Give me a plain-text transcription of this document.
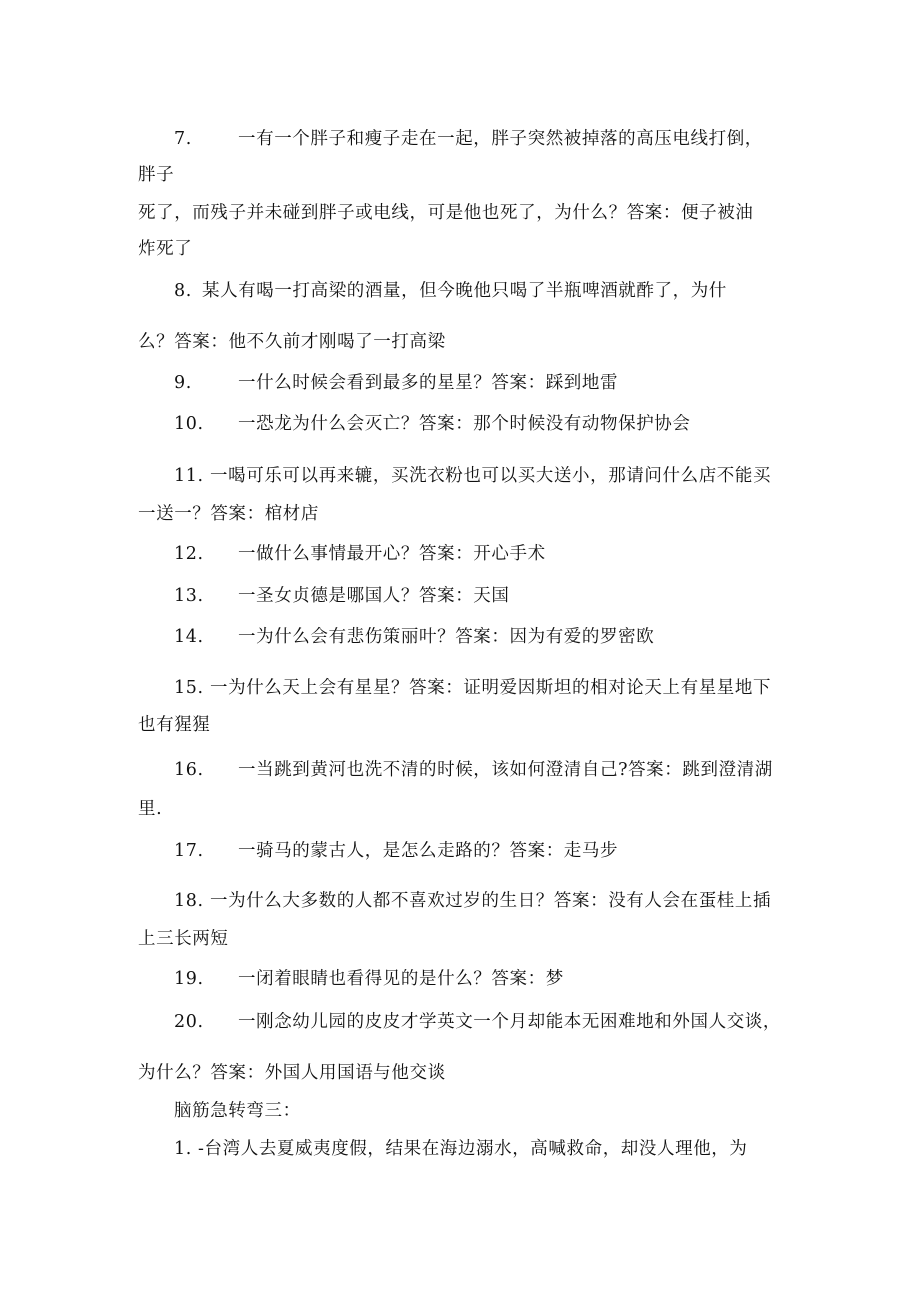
7.	一有一个胖子和瘦子走在一起，胖子突然被掉落的高压电线打倒，
胖子
死了，而残子并未碰到胖子或电线，可是他也死了，为什么？答案：便子被油
炸死了
8. 某人有喝一打高梁的酒量，但今晚他只喝了半瓶啤酒就酢了，为什
么？答案：他不久前才刚喝了一打高梁
9.	一什么时候会看到最多的星星？答案：踩到地雷
10. 一恐龙为什么会灭亡？答案：那个时候没有动物保护协会
11. 一喝可乐可以再来辘，买洗衣粉也可以买大送小，那请问什么店不能买
一送一？答案：棺材店
12. 一做什么事情最开心？答案：开心手术
13. 一圣女贞德是哪国人？答案：天国
14. 一为什么会有悲伤策丽叶？答案：因为有爱的罗密欧
15. 一为什么天上会有星星？答案：证明爱因斯坦的相对论天上有星星地下
也有猩猩
16. 一当跳到黄河也洗不清的时候，该如何澄清自己?答案：跳到澄清湖
里.
17. 一骑马的蒙古人，是怎么走路的？答案：走马步
18. 一为什么大多数的人都不喜欢过岁的生日？答案：没有人会在蛋桂上插
上三长两短
19. 一闭着眼睛也看得见的是什么？答案：梦
20. 一刚念幼儿园的皮皮才学英文一个月却能本无困难地和外国人交谈，
为什么？答案：外国人用国语与他交谈
脑筋急转弯三：
1. -台湾人去夏威夷度假，结果在海边溺水，高喊救命，却没人理他，为
